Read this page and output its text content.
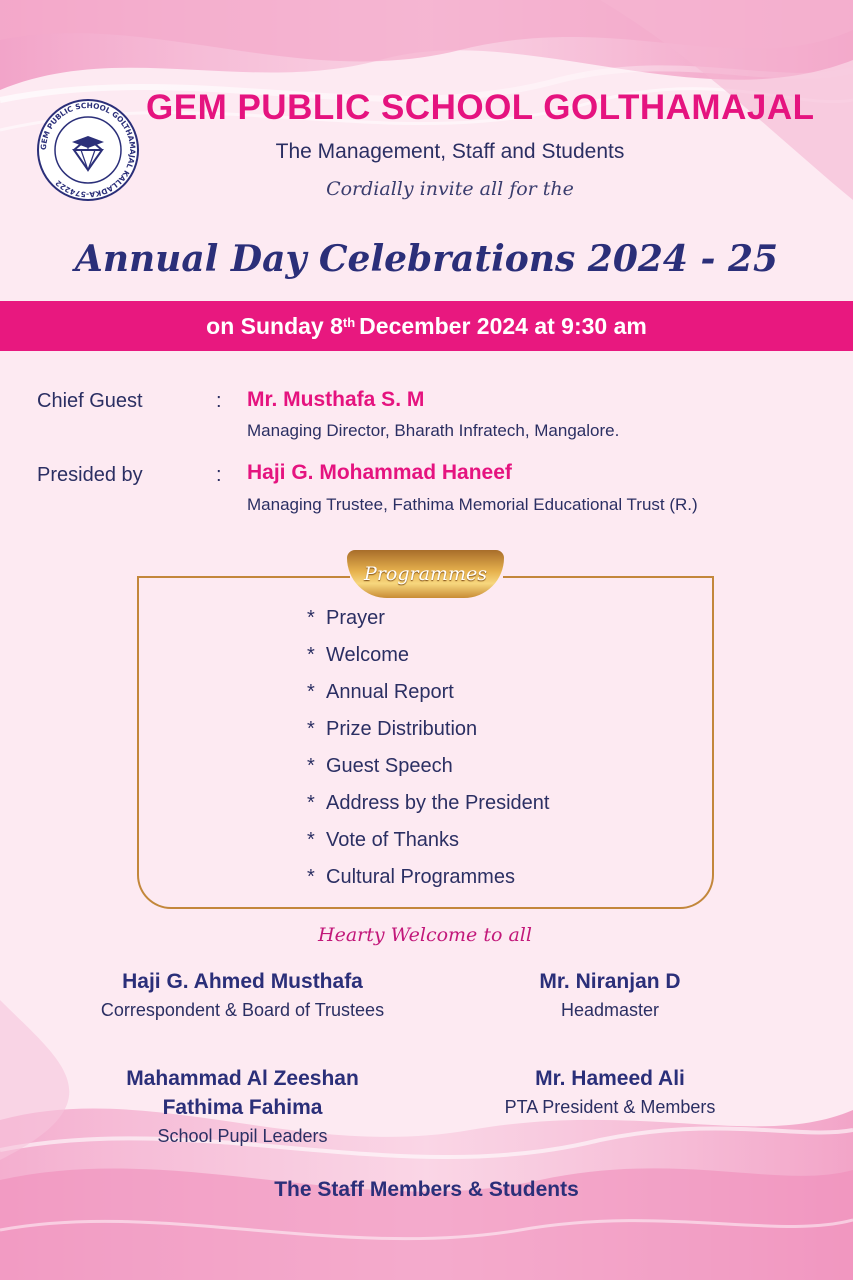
GEM PUBLIC SCHOOL GOLTHAMAJAL KALLADKA-574222
GEM PUBLIC SCHOOL GOLTHAMAJAL
The Management, Staff and Students
Cordially invite all for the
Annual Day Celebrations 2024 - 25
on Sunday 8th December 2024 at 9:30 am
Chief Guest	: Mr. Musthafa S. M
Managing Director, Bharath Infratech, Mangalore.
Presided by	: Haji G. Mohammad Haneef
Managing Trustee, Fathima Memorial Educational Trust (R.)
Programmes
* Prayer
* Welcome
* Annual Report
* Prize Distribution
* Guest Speech
* Address by the President
* Vote of Thanks
* Cultural Programmes
Hearty Welcome to all
Haji G. Ahmed Musthafa
Correspondent & Board of Trustees
Mr. Niranjan D
Headmaster
Mahammad Al Zeeshan
Fathima Fahima
School Pupil Leaders
Mr. Hameed Ali
PTA President & Members
The Staff Members & Students
